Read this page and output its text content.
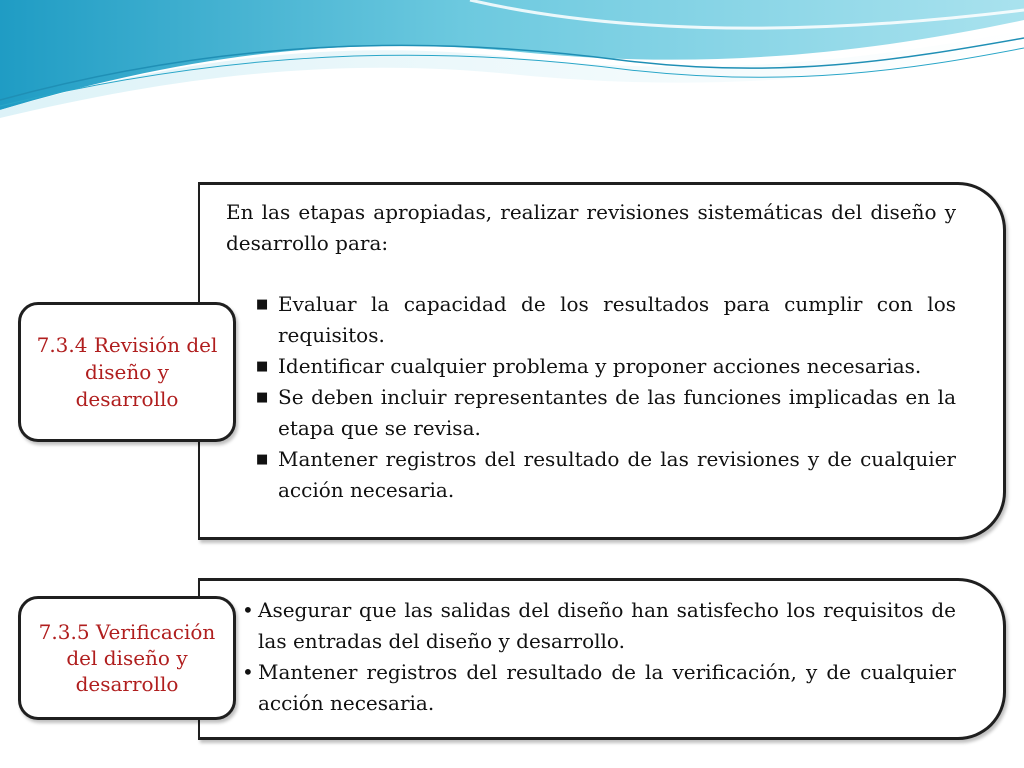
En las etapas apropiadas, realizar revisiones sistemáticas del diseño y desarrollo para:

■ Evaluar la capacidad de los resultados para cumplir con los requisitos.
■ Identificar cualquier problema y proponer acciones necesarias.
■ Se deben incluir representantes de las funciones implicadas en la etapa que se revisa.
■ Mantener registros del resultado de las revisiones y de cualquier acción necesaria.
7.3.4 Revisión del diseño y desarrollo
• Asegurar que las salidas del diseño han satisfecho los requisitos de las entradas del diseño y desarrollo.
• Mantener registros del resultado de la verificación, y de cualquier acción necesaria.
7.3.5 Verificación del diseño y desarrollo
